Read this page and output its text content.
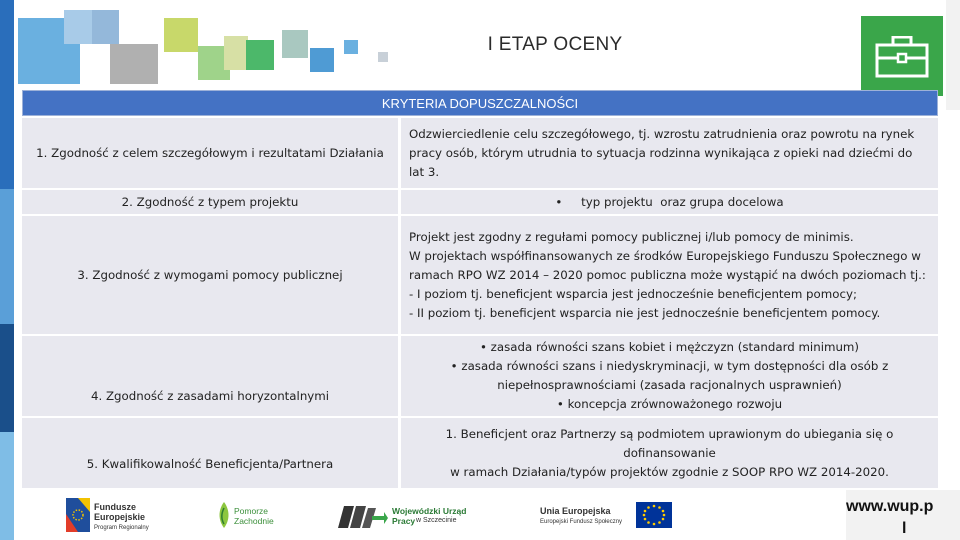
I ETAP OCENY
KRYTERIA DOPUSZCZALNOŚCI	
1. Zgodność z celem szczegółowym i rezultatami Działania	Odzwierciedlenie celu szczegółowego, tj. wzrostu zatrudnienia oraz powrotu na rynek pracy osób, którym utrudnia to sytuacja rodzinna wynikająca z opieki nad dziećmi do lat 3.
2. Zgodność z typem projektu	•     typ projektu  oraz grupa docelowa
3. Zgodność z wymogami pomocy publicznej	Projekt jest zgodny z regułami pomocy publicznej i/lub pomocy de minimis.
W projektach współfinansowanych ze środków Europejskiego Funduszu Społecznego w ramach RPO WZ 2014 – 2020 pomoc publiczna może wystąpić na dwóch poziomach tj.:
- I poziom tj. beneficjent wsparcia jest jednocześnie beneficjentem pomocy;
- II poziom tj. beneficjent wsparcia nie jest jednocześnie beneficjentem pomocy.

4. Zgodność z zasadami horyzontalnymi	• zasada równości szans kobiet i mężczyzn (standard minimum)
• zasada równości szans i niedyskryminacji, w tym dostępności dla osób z niepełnosprawnościami (zasada racjonalnych usprawnień)
• koncepcja zrównoważonego rozwoju

5. Kwalifikowalność Beneficjenta/Partnera	1. Beneficjent oraz Partnerzy są podmiotem uprawionym do ubiegania się o dofinansowanie
w ramach Działania/typów projektów zgodnie z SOOP RPO WZ 2014-2020.
Fundusze
Europejskie
Program Regionalny
Pomorze
Zachodnie
Wojewódzki Urząd Pracy w Szczecinie
Unia Europejska
Europejski Fundusz Społeczny
www.wup.p
l
